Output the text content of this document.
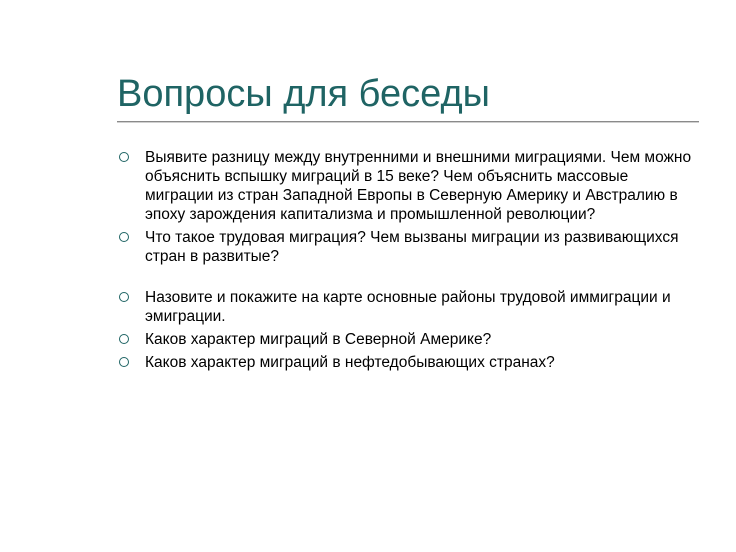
Вопросы для беседы
Выявите разницу между внутренними и внешними миграциями. Чем можно объяснить вспышку миграций в 15 веке? Чем объяснить массовые миграции из стран Западной Европы в Северную Америку и Австралию в эпоху зарождения капитализма и промышленной революции?
Что такое трудовая миграция? Чем вызваны миграции из развивающихся стран в развитые?
Назовите и покажите на карте основные районы трудовой иммиграции и эмиграции.
Каков характер миграций в Северной Америке?
Каков характер миграций в нефтедобывающих странах?
